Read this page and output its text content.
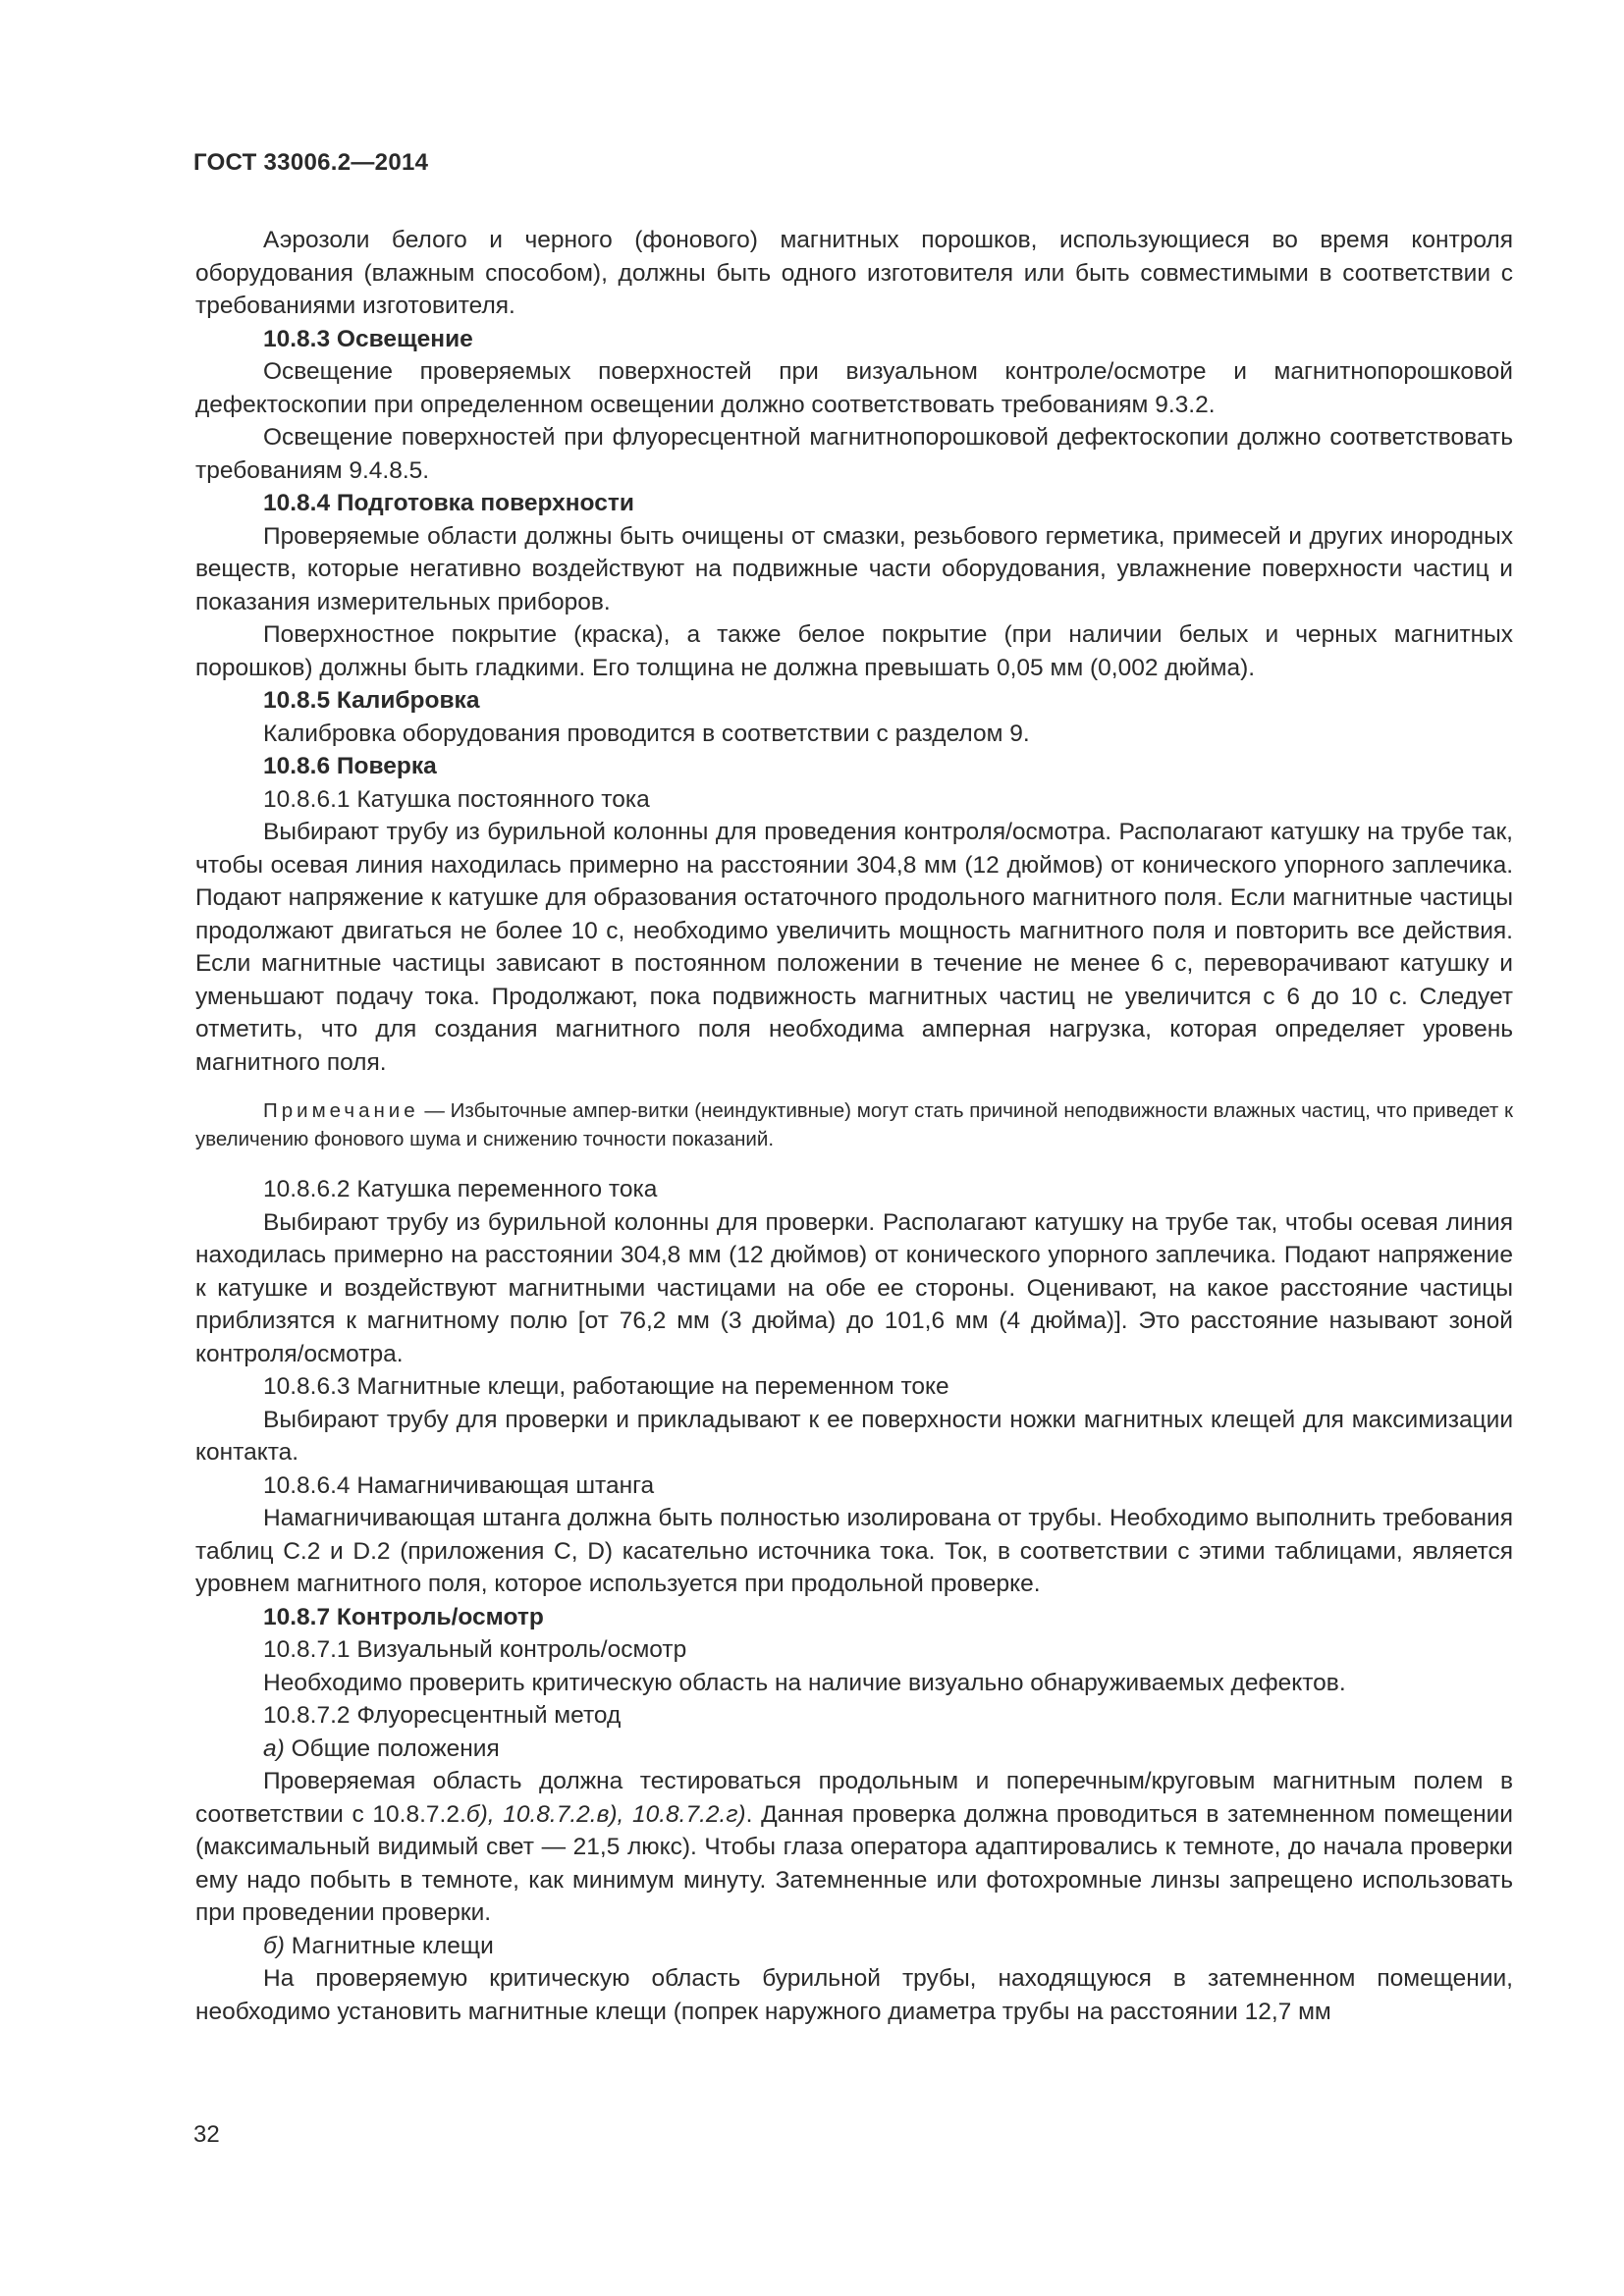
ГОСТ 33006.2—2014

Аэрозоли белого и черного (фонового) магнитных порошков, использующиеся во время контроля оборудования (влажным способом), должны быть одного изготовителя или быть совместимыми в соответствии с требованиями изготовителя.

10.8.3 Освещение

Освещение проверяемых поверхностей при визуальном контроле/осмотре и магнитнопорошковой дефектоскопии при определенном освещении должно соответствовать требованиям 9.3.2.

Освещение поверхностей при флуоресцентной магнитнопорошковой дефектоскопии должно соответствовать требованиям 9.4.8.5.

10.8.4 Подготовка поверхности

Проверяемые области должны быть очищены от смазки, резьбового герметика, примесей и других инородных веществ, которые негативно воздействуют на подвижные части оборудования, увлажнение поверхности частиц и показания измерительных приборов.

Поверхностное покрытие (краска), а также белое покрытие (при наличии белых и черных магнитных порошков) должны быть гладкими. Его толщина не должна превышать 0,05 мм (0,002 дюйма).

10.8.5 Калибровка

Калибровка оборудования проводится в соответствии с разделом 9.

10.8.6 Поверка

10.8.6.1 Катушка постоянного тока

Выбирают трубу из бурильной колонны для проведения контроля/осмотра. Располагают катушку на трубе так, чтобы осевая линия находилась примерно на расстоянии 304,8 мм (12 дюймов) от конического упорного заплечика. Подают напряжение к катушке для образования остаточного продольного магнитного поля. Если магнитные частицы продолжают двигаться не более 10 с, необходимо увеличить мощность магнитного поля и повторить все действия. Если магнитные частицы зависают в постоянном положении в течение не менее 6 с, переворачивают катушку и уменьшают подачу тока. Продолжают, пока подвижность магнитных частиц не увеличится с 6 до 10 с. Следует отметить, что для создания магнитного поля необходима амперная нагрузка, которая определяет уровень магнитного поля.

Примечание — Избыточные ампер-витки (неиндуктивные) могут стать причиной неподвижности влажных частиц, что приведет к увеличению фонового шума и снижению точности показаний.

10.8.6.2 Катушка переменного тока

Выбирают трубу из бурильной колонны для проверки. Располагают катушку на трубе так, чтобы осевая линия находилась примерно на расстоянии 304,8 мм (12 дюймов) от конического упорного заплечика. Подают напряжение к катушке и воздействуют магнитными частицами на обе ее стороны. Оценивают, на какое расстояние частицы приблизятся к магнитному полю [от 76,2 мм (3 дюйма) до 101,6 мм (4 дюйма)]. Это расстояние называют зоной контроля/осмотра.

10.8.6.3 Магнитные клещи, работающие на переменном токе

Выбирают трубу для проверки и прикладывают к ее поверхности ножки магнитных клещей для максимизации контакта.

10.8.6.4 Намагничивающая штанга

Намагничивающая штанга должна быть полностью изолирована от трубы. Необходимо выполнить требования таблиц С.2 и D.2 (приложения С, D) касательно источника тока. Ток, в соответствии с этими таблицами, является уровнем магнитного поля, которое используется при продольной проверке.

10.8.7 Контроль/осмотр

10.8.7.1 Визуальный контроль/осмотр

Необходимо проверить критическую область на наличие визуально обнаруживаемых дефектов.

10.8.7.2 Флуоресцентный метод

а) Общие положения

Проверяемая область должна тестироваться продольным и поперечным/круговым магнитным полем в соответствии с 10.8.7.2.б), 10.8.7.2.в), 10.8.7.2.г). Данная проверка должна проводиться в затемненном помещении (максимальный видимый свет — 21,5 люкс). Чтобы глаза оператора адаптировались к темноте, до начала проверки ему надо побыть в темноте, как минимум минуту. Затемненные или фотохромные линзы запрещено использовать при проведении проверки.

б) Магнитные клещи

На проверяемую критическую область бурильной трубы, находящуюся в затемненном помещении, необходимо установить магнитные клещи (попрек наружного диаметра трубы на расстоянии 12,7 мм

32
